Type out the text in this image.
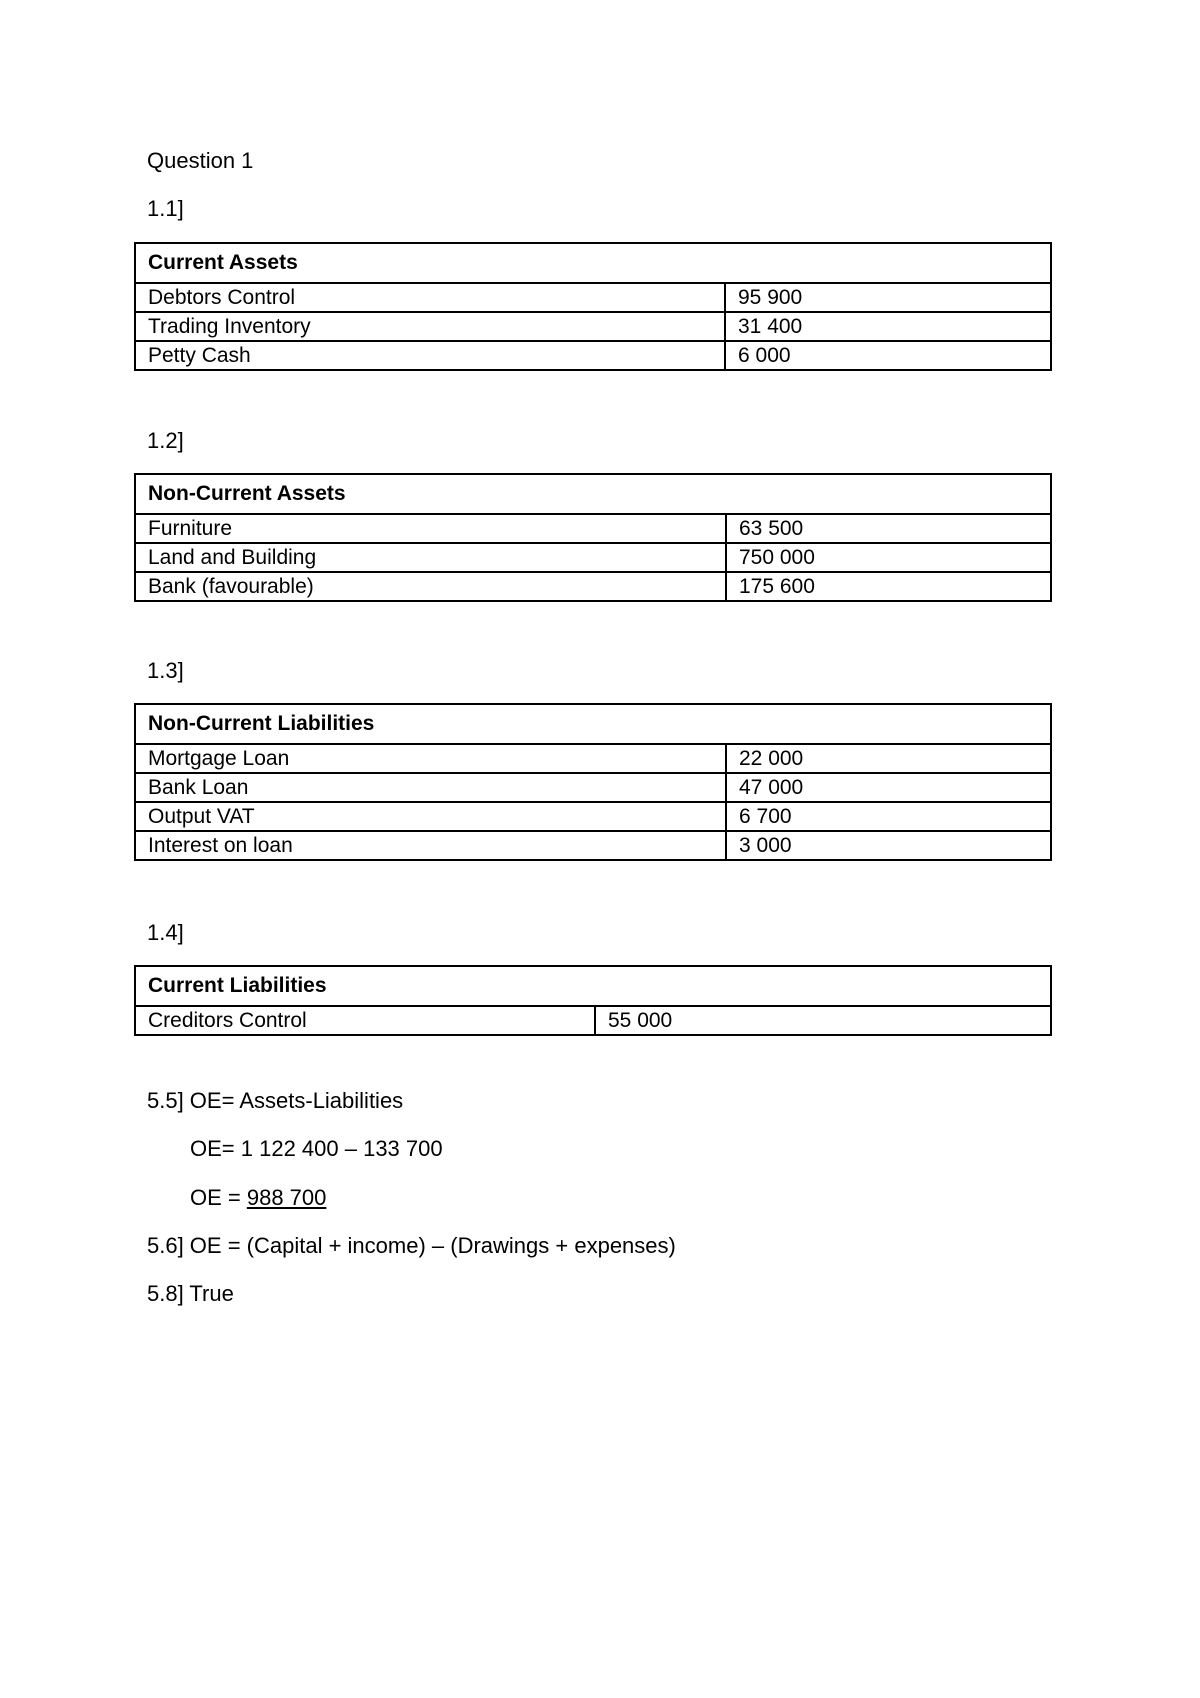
Question 1
1.1]
Current Assets	
Debtors Control	95 900
Trading Inventory	31 400
Petty Cash	6 000
1.2]
Non-Current Assets	
Furniture	63 500
Land and Building	750 000
Bank (favourable)	175 600
1.3]
Non-Current Liabilities	
Mortgage Loan	22 000
Bank Loan	47 000
Output VAT	6 700
Interest on loan	3 000
1.4]
Current Liabilities
Creditors Control	55 000
5.5] OE= Assets-Liabilities
OE= 1 122 400 – 133 700
OE = 988 700
5.6] OE = (Capital + income) – (Drawings + expenses)
5.8] True
